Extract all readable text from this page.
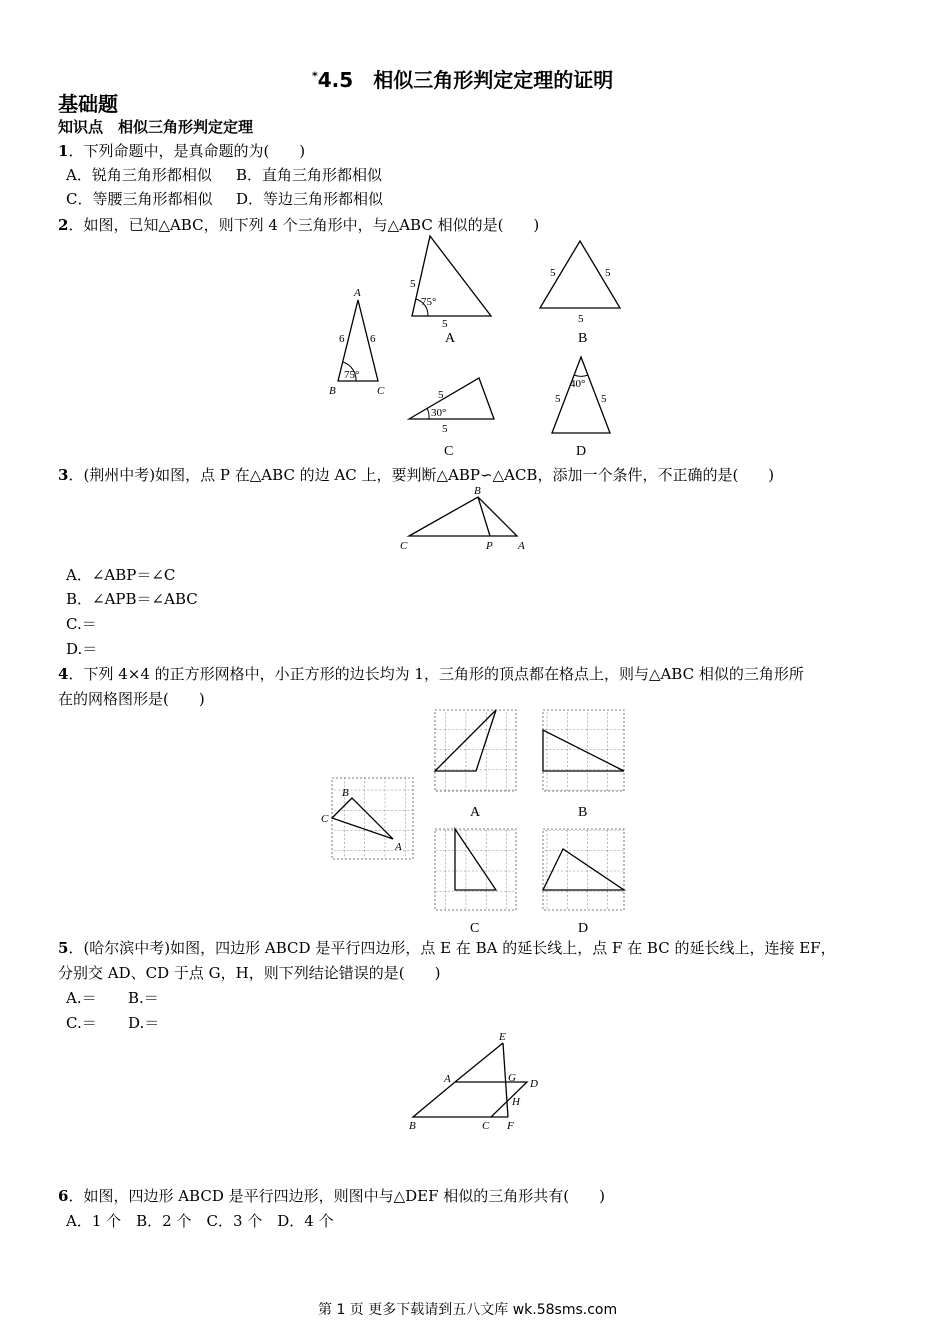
*4.5　相似三角形判定定理的证明
基础题
知识点　相似三角形判定定理
1．下列命题中，是真命题的为(　　)
A．锐角三角形都相似 B．直角三角形都相似
C．等腰三角形都相似 D．等边三角形都相似
2．如图，已知△ABC，则下列 4 个三角形中，与△ABC 相似的是(　　)
A
B	C
6 6
75°
5
75°
5
A
5	5
5
B
5
30°
5
C
40°
5	5
D
3．(荆州中考)如图，点 P 在△ABC 的边 AC 上，要判断△ABP∽△ACB，添加一个条件，不正确的是(　　)
B
C	P A
A．∠ABP＝∠C
B．∠APB＝∠ABC
C.＝
D.＝
4．下列 4×4 的正方形网格中，小正方形的边长均为 1，三角形的顶点都在格点上，则与△ABC 相似的三角形所
在的网格图形是(　　)
B
C
A
A	B
C	D
5．(哈尔滨中考)如图，四边形 ABCD 是平行四边形，点 E 在 BA 的延长线上，点 F 在 BC 的延长线上，连接 EF，
分别交 AD、CD 于点 G，H，则下列结论错误的是(　　)
A.＝ B.＝
C.＝ D.＝
E
A	G D
H
B	C F
6．如图，四边形 ABCD 是平行四边形，则图中与△DEF 相似的三角形共有(　　)
A．1 个　B．2 个　C．3 个　D．4 个
第 1 页 更多下载请到五八文库 wk.58sms.com
